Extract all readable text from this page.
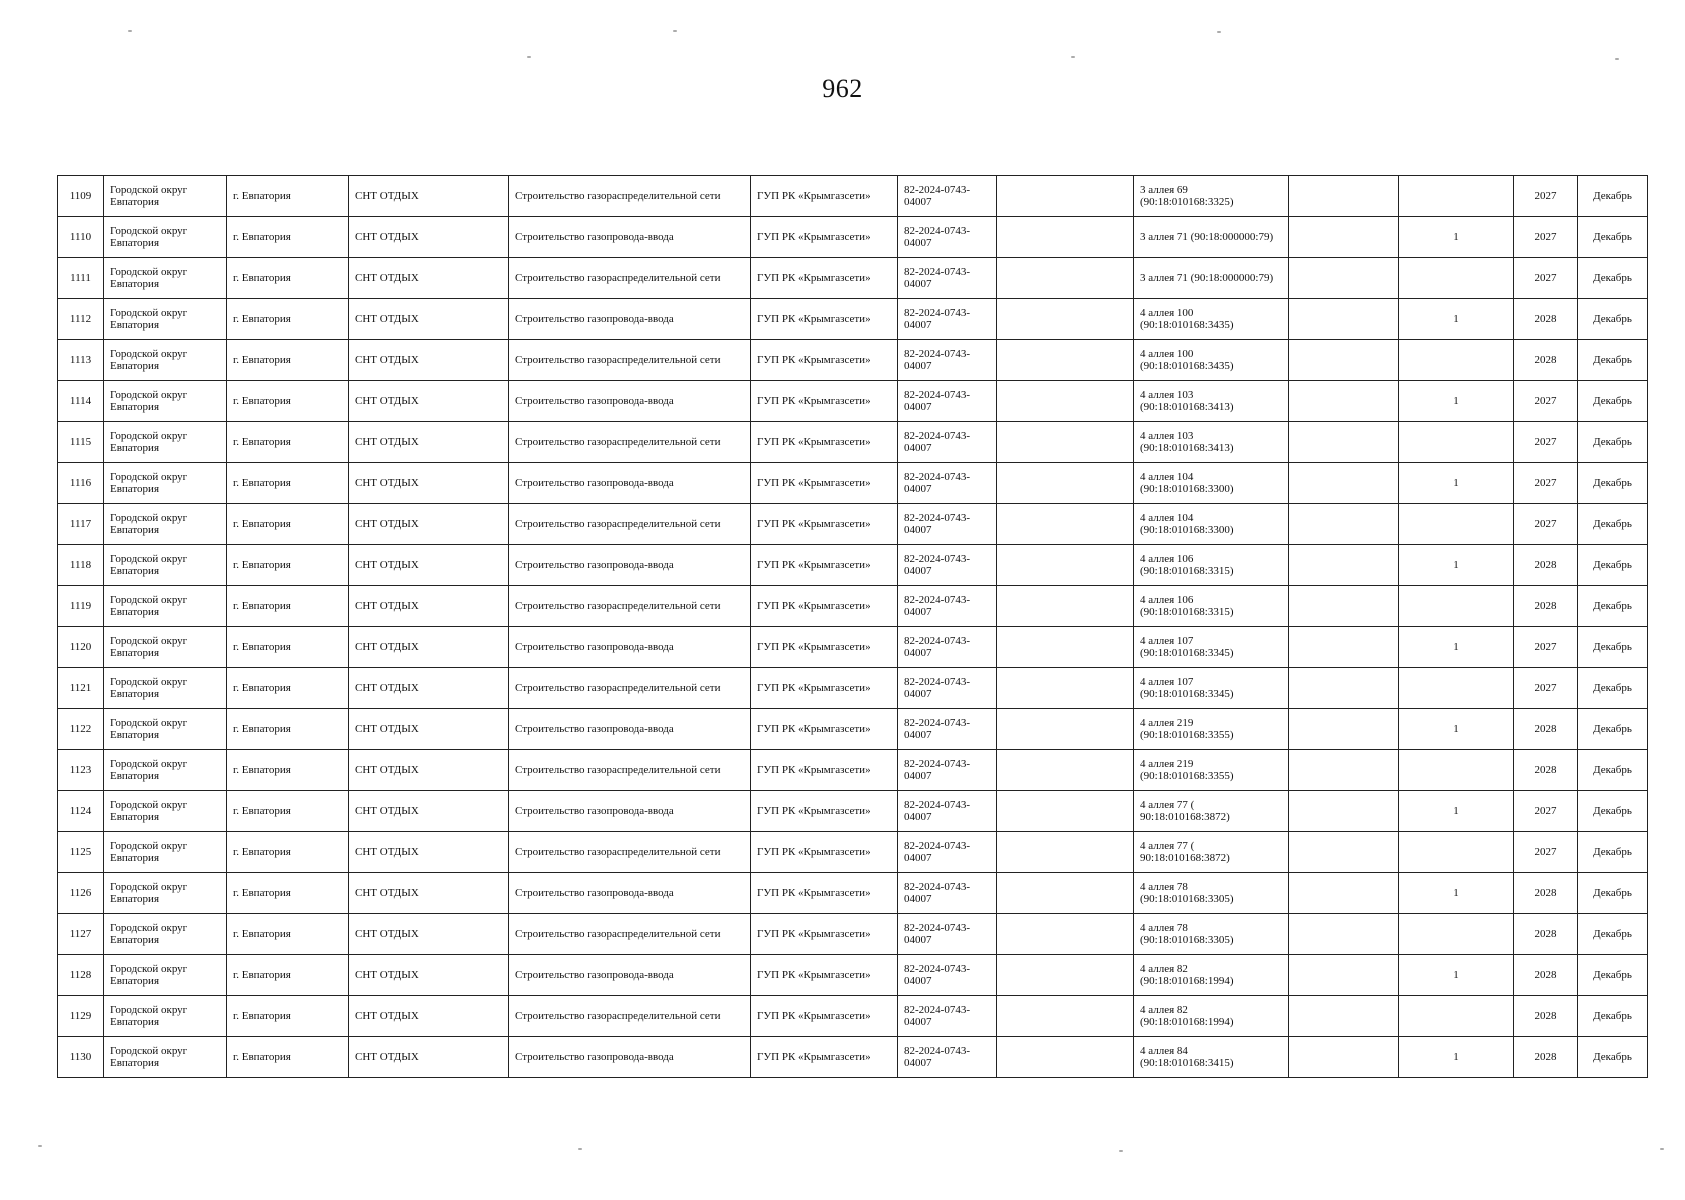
962
1109	Городской округ Евпатория	г. Евпатория	СНТ ОТДЫХ	Строительство газораспределительной сети	ГУП РК «Крымгазсети»	82-2024-0743-04007		3 аллея 69 (90:18:010168:3325)			2027	Декабрь
1110	Городской округ Евпатория	г. Евпатория	СНТ ОТДЫХ	Строительство газопровода-ввода	ГУП РК «Крымгазсети»	82-2024-0743-04007		3 аллея 71 (90:18:000000:79)		1	2027	Декабрь
1111	Городской округ Евпатория	г. Евпатория	СНТ ОТДЫХ	Строительство газораспределительной сети	ГУП РК «Крымгазсети»	82-2024-0743-04007		3 аллея 71 (90:18:000000:79)			2027	Декабрь
1112	Городской округ Евпатория	г. Евпатория	СНТ ОТДЫХ	Строительство газопровода-ввода	ГУП РК «Крымгазсети»	82-2024-0743-04007		4 аллея 100 (90:18:010168:3435)		1	2028	Декабрь
1113	Городской округ Евпатория	г. Евпатория	СНТ ОТДЫХ	Строительство газораспределительной сети	ГУП РК «Крымгазсети»	82-2024-0743-04007		4 аллея 100 (90:18:010168:3435)			2028	Декабрь
1114	Городской округ Евпатория	г. Евпатория	СНТ ОТДЫХ	Строительство газопровода-ввода	ГУП РК «Крымгазсети»	82-2024-0743-04007		4 аллея 103 (90:18:010168:3413)		1	2027	Декабрь
1115	Городской округ Евпатория	г. Евпатория	СНТ ОТДЫХ	Строительство газораспределительной сети	ГУП РК «Крымгазсети»	82-2024-0743-04007		4 аллея 103 (90:18:010168:3413)			2027	Декабрь
1116	Городской округ Евпатория	г. Евпатория	СНТ ОТДЫХ	Строительство газопровода-ввода	ГУП РК «Крымгазсети»	82-2024-0743-04007		4 аллея 104 (90:18:010168:3300)		1	2027	Декабрь
1117	Городской округ Евпатория	г. Евпатория	СНТ ОТДЫХ	Строительство газораспределительной сети	ГУП РК «Крымгазсети»	82-2024-0743-04007		4 аллея 104 (90:18:010168:3300)			2027	Декабрь
1118	Городской округ Евпатория	г. Евпатория	СНТ ОТДЫХ	Строительство газопровода-ввода	ГУП РК «Крымгазсети»	82-2024-0743-04007		4 аллея 106 (90:18:010168:3315)		1	2028	Декабрь
1119	Городской округ Евпатория	г. Евпатория	СНТ ОТДЫХ	Строительство газораспределительной сети	ГУП РК «Крымгазсети»	82-2024-0743-04007		4 аллея 106 (90:18:010168:3315)			2028	Декабрь
1120	Городской округ Евпатория	г. Евпатория	СНТ ОТДЫХ	Строительство газопровода-ввода	ГУП РК «Крымгазсети»	82-2024-0743-04007		4 аллея 107 (90:18:010168:3345)		1	2027	Декабрь
1121	Городской округ Евпатория	г. Евпатория	СНТ ОТДЫХ	Строительство газораспределительной сети	ГУП РК «Крымгазсети»	82-2024-0743-04007		4 аллея 107 (90:18:010168:3345)			2027	Декабрь
1122	Городской округ Евпатория	г. Евпатория	СНТ ОТДЫХ	Строительство газопровода-ввода	ГУП РК «Крымгазсети»	82-2024-0743-04007		4 аллея 219 (90:18:010168:3355)		1	2028	Декабрь
1123	Городской округ Евпатория	г. Евпатория	СНТ ОТДЫХ	Строительство газораспределительной сети	ГУП РК «Крымгазсети»	82-2024-0743-04007		4 аллея 219 (90:18:010168:3355)			2028	Декабрь
1124	Городской округ Евпатория	г. Евпатория	СНТ ОТДЫХ	Строительство газопровода-ввода	ГУП РК «Крымгазсети»	82-2024-0743-04007		4 аллея 77 ( 90:18:010168:3872)		1	2027	Декабрь
1125	Городской округ Евпатория	г. Евпатория	СНТ ОТДЫХ	Строительство газораспределительной сети	ГУП РК «Крымгазсети»	82-2024-0743-04007		4 аллея 77 ( 90:18:010168:3872)			2027	Декабрь
1126	Городской округ Евпатория	г. Евпатория	СНТ ОТДЫХ	Строительство газопровода-ввода	ГУП РК «Крымгазсети»	82-2024-0743-04007		4 аллея 78 (90:18:010168:3305)		1	2028	Декабрь
1127	Городской округ Евпатория	г. Евпатория	СНТ ОТДЫХ	Строительство газораспределительной сети	ГУП РК «Крымгазсети»	82-2024-0743-04007		4 аллея 78 (90:18:010168:3305)			2028	Декабрь
1128	Городской округ Евпатория	г. Евпатория	СНТ ОТДЫХ	Строительство газопровода-ввода	ГУП РК «Крымгазсети»	82-2024-0743-04007		4 аллея 82 (90:18:010168:1994)		1	2028	Декабрь
1129	Городской округ Евпатория	г. Евпатория	СНТ ОТДЫХ	Строительство газораспределительной сети	ГУП РК «Крымгазсети»	82-2024-0743-04007		4 аллея 82 (90:18:010168:1994)			2028	Декабрь
1130	Городской округ Евпатория	г. Евпатория	СНТ ОТДЫХ	Строительство газопровода-ввода	ГУП РК «Крымгазсети»	82-2024-0743-04007		4 аллея 84 (90:18:010168:3415)		1	2028	Декабрь
